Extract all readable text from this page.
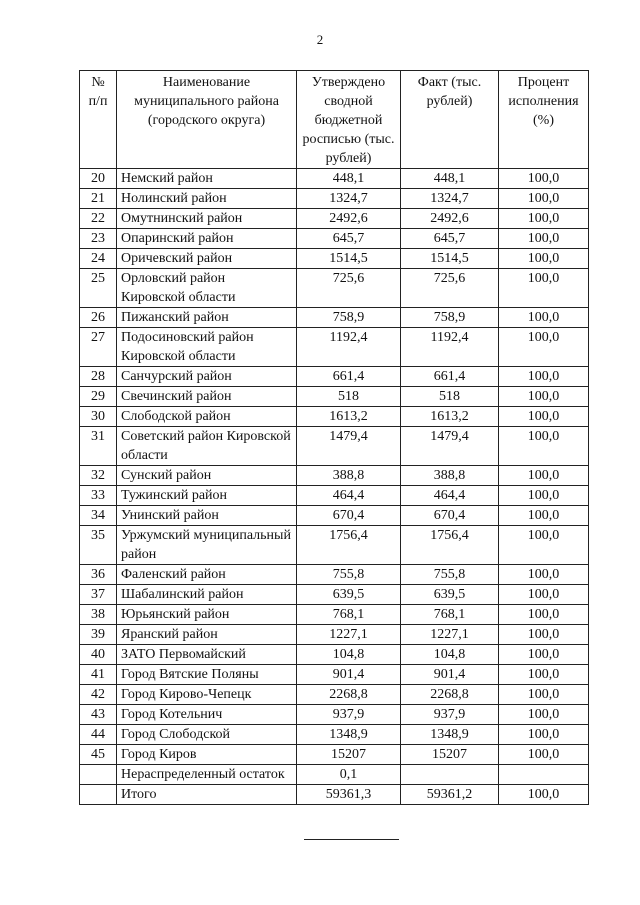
2
№ п/п	Наименование муниципального района (городского округа)	Утверждено сводной бюджетной росписью (тыс. рублей)	Факт (тыс. рублей)	Процент исполнения (%)
20	Немский район	448,1	448,1	100,0
21	Нолинский район	1324,7	1324,7	100,0
22	Омутнинский район	2492,6	2492,6	100,0
23	Опаринский район	645,7	645,7	100,0
24	Оричевский район	1514,5	1514,5	100,0
25	Орловский район Кировской области	725,6	725,6	100,0
26	Пижанский район	758,9	758,9	100,0
27	Подосиновский район Кировской области	1192,4	1192,4	100,0
28	Санчурский район	661,4	661,4	100,0
29	Свечинский район	518	518	100,0
30	Слободской район	1613,2	1613,2	100,0
31	Советский район Кировской области	1479,4	1479,4	100,0
32	Сунский район	388,8	388,8	100,0
33	Тужинский район	464,4	464,4	100,0
34	Унинский район	670,4	670,4	100,0
35	Уржумский муниципальный район	1756,4	1756,4	100,0
36	Фаленский район	755,8	755,8	100,0
37	Шабалинский район	639,5	639,5	100,0
38	Юрьянский район	768,1	768,1	100,0
39	Яранский район	1227,1	1227,1	100,0
40	ЗАТО Первомайский	104,8	104,8	100,0
41	Город Вятские Поляны	901,4	901,4	100,0
42	Город Кирово-Чепецк	2268,8	2268,8	100,0
43	Город Котельнич	937,9	937,9	100,0
44	Город Слободской	1348,9	1348,9	100,0
45	Город Киров	15207	15207	100,0
	Нераспределенный остаток	0,1		
	Итого	59361,3	59361,2	100,0
